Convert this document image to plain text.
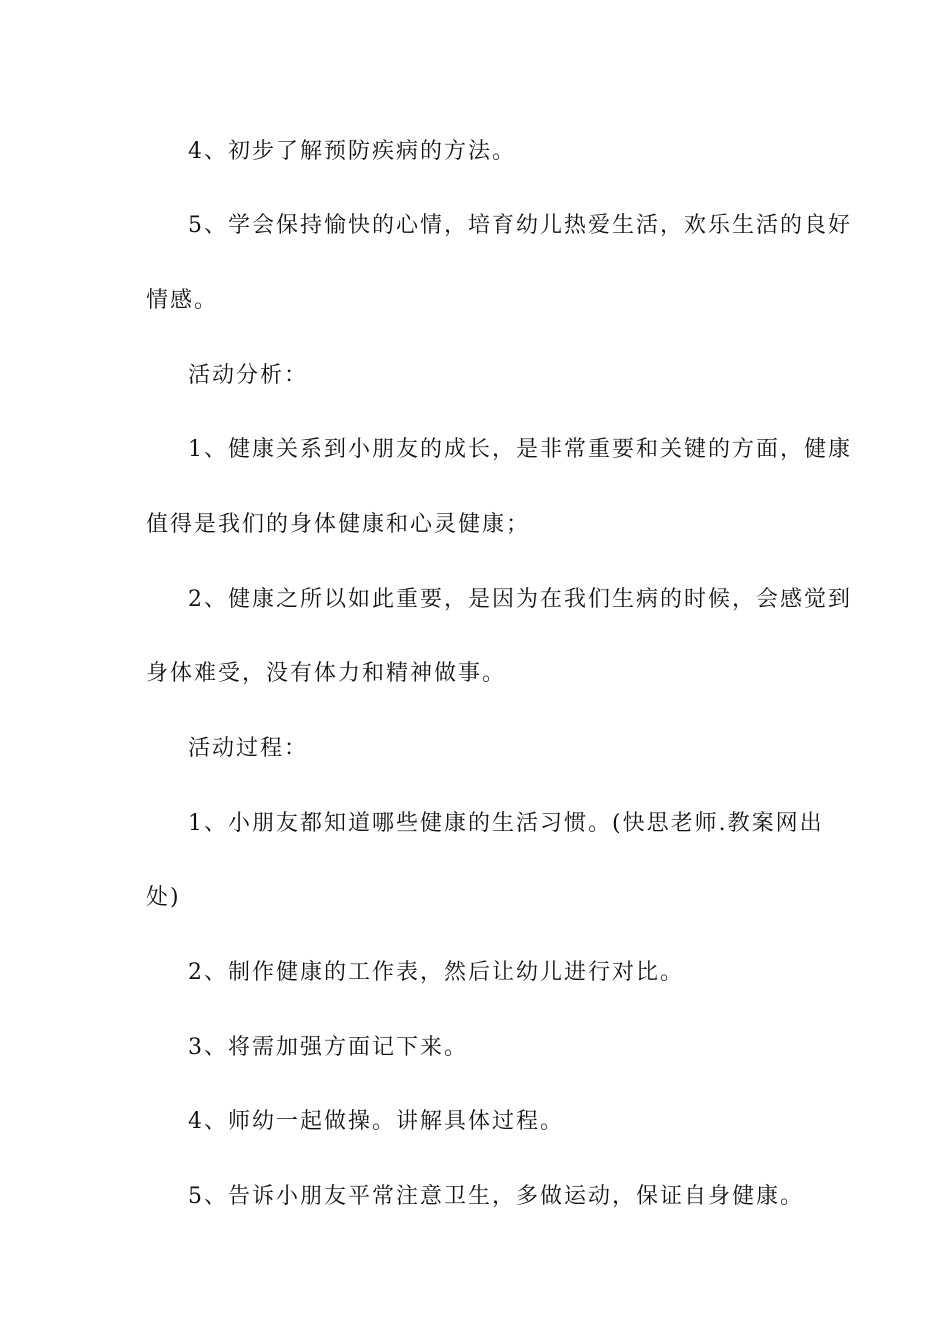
4、初步了解预防疾病的方法。
5、学会保持愉快的心情，培育幼儿热爱生活，欢乐生活的良好
情感。
活动分析：
1、健康关系到小朋友的成长，是非常重要和关键的方面，健康
值得是我们的身体健康和心灵健康；
2、健康之所以如此重要，是因为在我们生病的时候，会感觉到
身体难受，没有体力和精神做事。
活动过程：
1、小朋友都知道哪些健康的生活习惯。(快思老师.教案网出
处)
2、制作健康的工作表，然后让幼儿进行对比。
3、将需加强方面记下来。
4、师幼一起做操。讲解具体过程。
5、告诉小朋友平常注意卫生，多做运动，保证自身健康。
